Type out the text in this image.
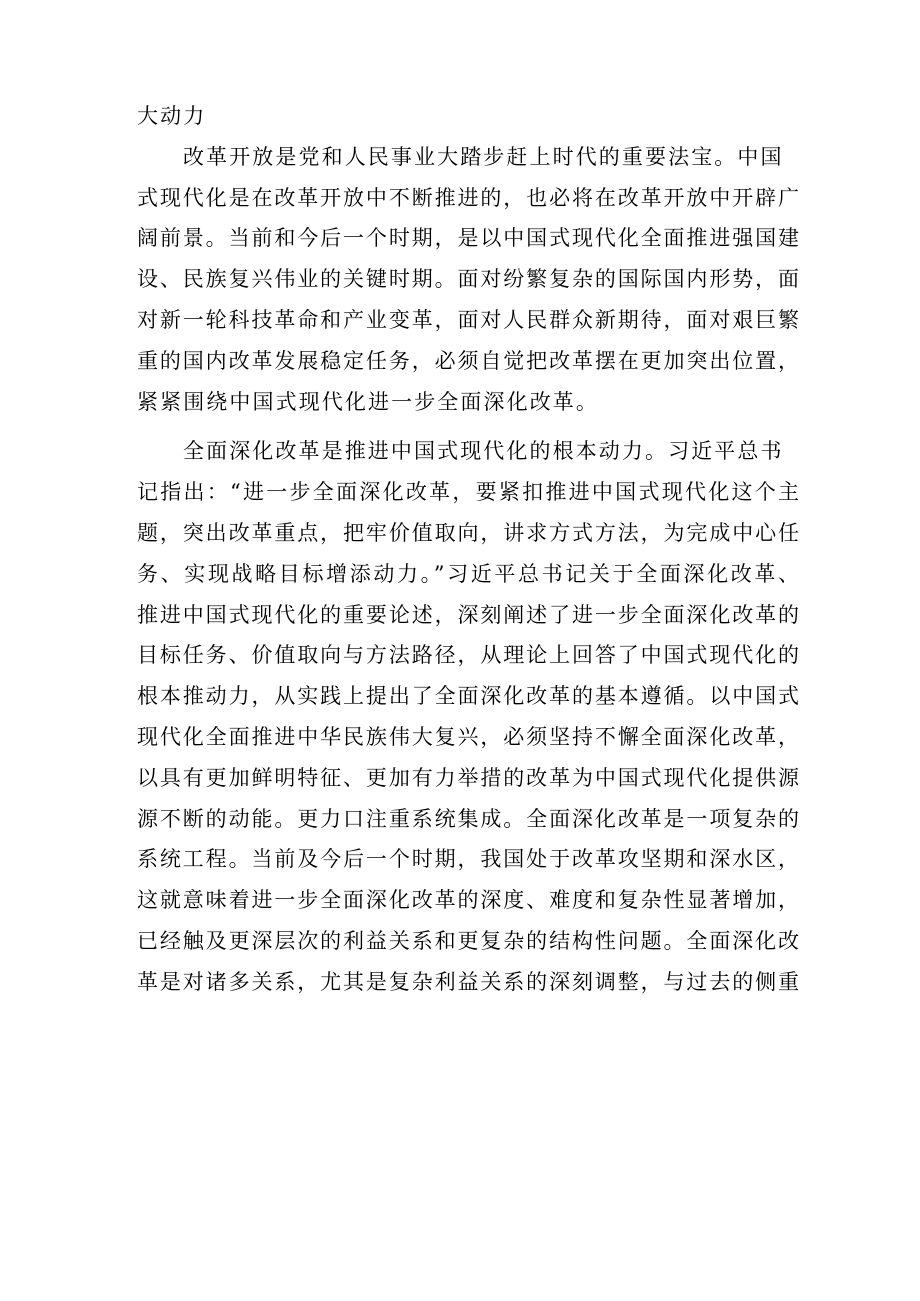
大动力
改革开放是党和人民事业大踏步赶上时代的重要法宝。中国
式现代化是在改革开放中不断推进的，也必将在改革开放中开辟广
阔前景。当前和今后一个时期，是以中国式现代化全面推进强国建
设、民族复兴伟业的关键时期。面对纷繁复杂的国际国内形势，面
对新一轮科技革命和产业变革，面对人民群众新期待，面对艰巨繁
重的国内改革发展稳定任务，必须自觉把改革摆在更加突出位置，
紧紧围绕中国式现代化进一步全面深化改革。
全面深化改革是推进中国式现代化的根本动力。习近平总书
记指出：“进一步全面深化改革，要紧扣推进中国式现代化这个主
题，突出改革重点，把牢价值取向，讲求方式方法，为完成中心任
务、实现战略目标增添动力。”习近平总书记关于全面深化改革、
推进中国式现代化的重要论述，深刻阐述了进一步全面深化改革的
目标任务、价值取向与方法路径，从理论上回答了中国式现代化的
根本推动力，从实践上提出了全面深化改革的基本遵循。以中国式
现代化全面推进中华民族伟大复兴，必须坚持不懈全面深化改革，
以具有更加鲜明特征、更加有力举措的改革为中国式现代化提供源
源不断的动能。更力口注重系统集成。全面深化改革是一项复杂的
系统工程。当前及今后一个时期，我国处于改革攻坚期和深水区，
这就意味着进一步全面深化改革的深度、难度和复杂性显著增加，
已经触及更深层次的利益关系和更复杂的结构性问题。全面深化改
革是对诸多关系，尤其是复杂利益关系的深刻调整，与过去的侧重
